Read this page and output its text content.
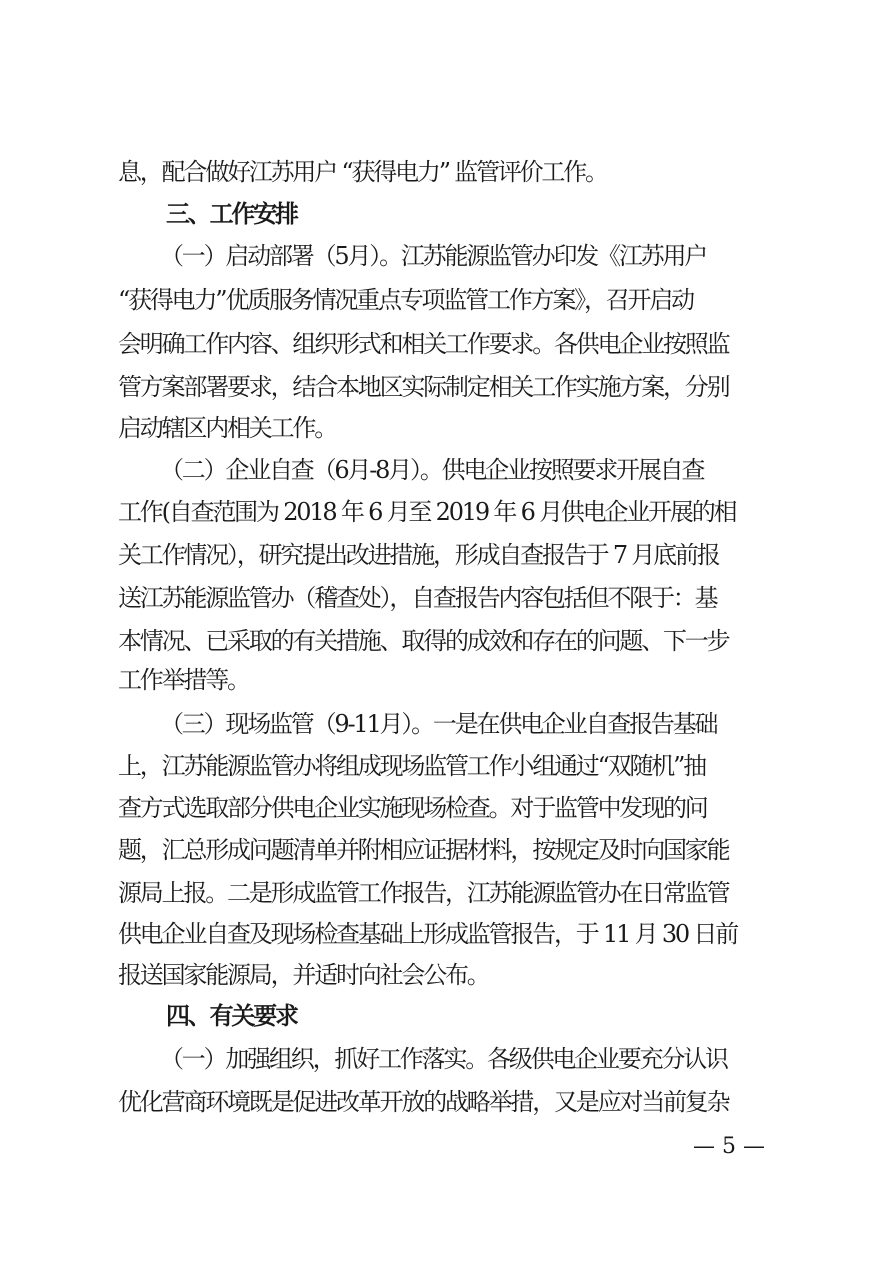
息，配合做好江苏用户 “获得电力” 监管评价工作。
三、工作安排
（一）启动部署（5月）。江苏能源监管办印发《江苏用户
“获得电力”优质服务情况重点专项监管工作方案》，召开启动
会明确工作内容、组织形式和相关工作要求。各供电企业按照监
管方案部署要求，结合本地区实际制定相关工作实施方案，分别
启动辖区内相关工作。
（二）企业自查（6月-8月）。供电企业按照要求开展自查
工作(自查范围为 2018 年 6 月至 2019 年 6 月供电企业开展的相
关工作情况），研究提出改进措施，形成自查报告于 7 月底前报
送江苏能源监管办（稽查处），自查报告内容包括但不限于：基
本情况、已采取的有关措施、取得的成效和存在的问题、下一步
工作举措等。
（三）现场监管（9-11月）。一是在供电企业自查报告基础
上，江苏能源监管办将组成现场监管工作小组通过“双随机”抽
查方式选取部分供电企业实施现场检查。对于监管中发现的问
题，汇总形成问题清单并附相应证据材料，按规定及时向国家能
源局上报。二是形成监管工作报告，江苏能源监管办在日常监管
供电企业自查及现场检查基础上形成监管报告，于 11 月 30 日前
报送国家能源局，并适时向社会公布。
四、有关要求
（一）加强组织，抓好工作落实。各级供电企业要充分认识
优化营商环境既是促进改革开放的战略举措，又是应对当前复杂
— 5 —
